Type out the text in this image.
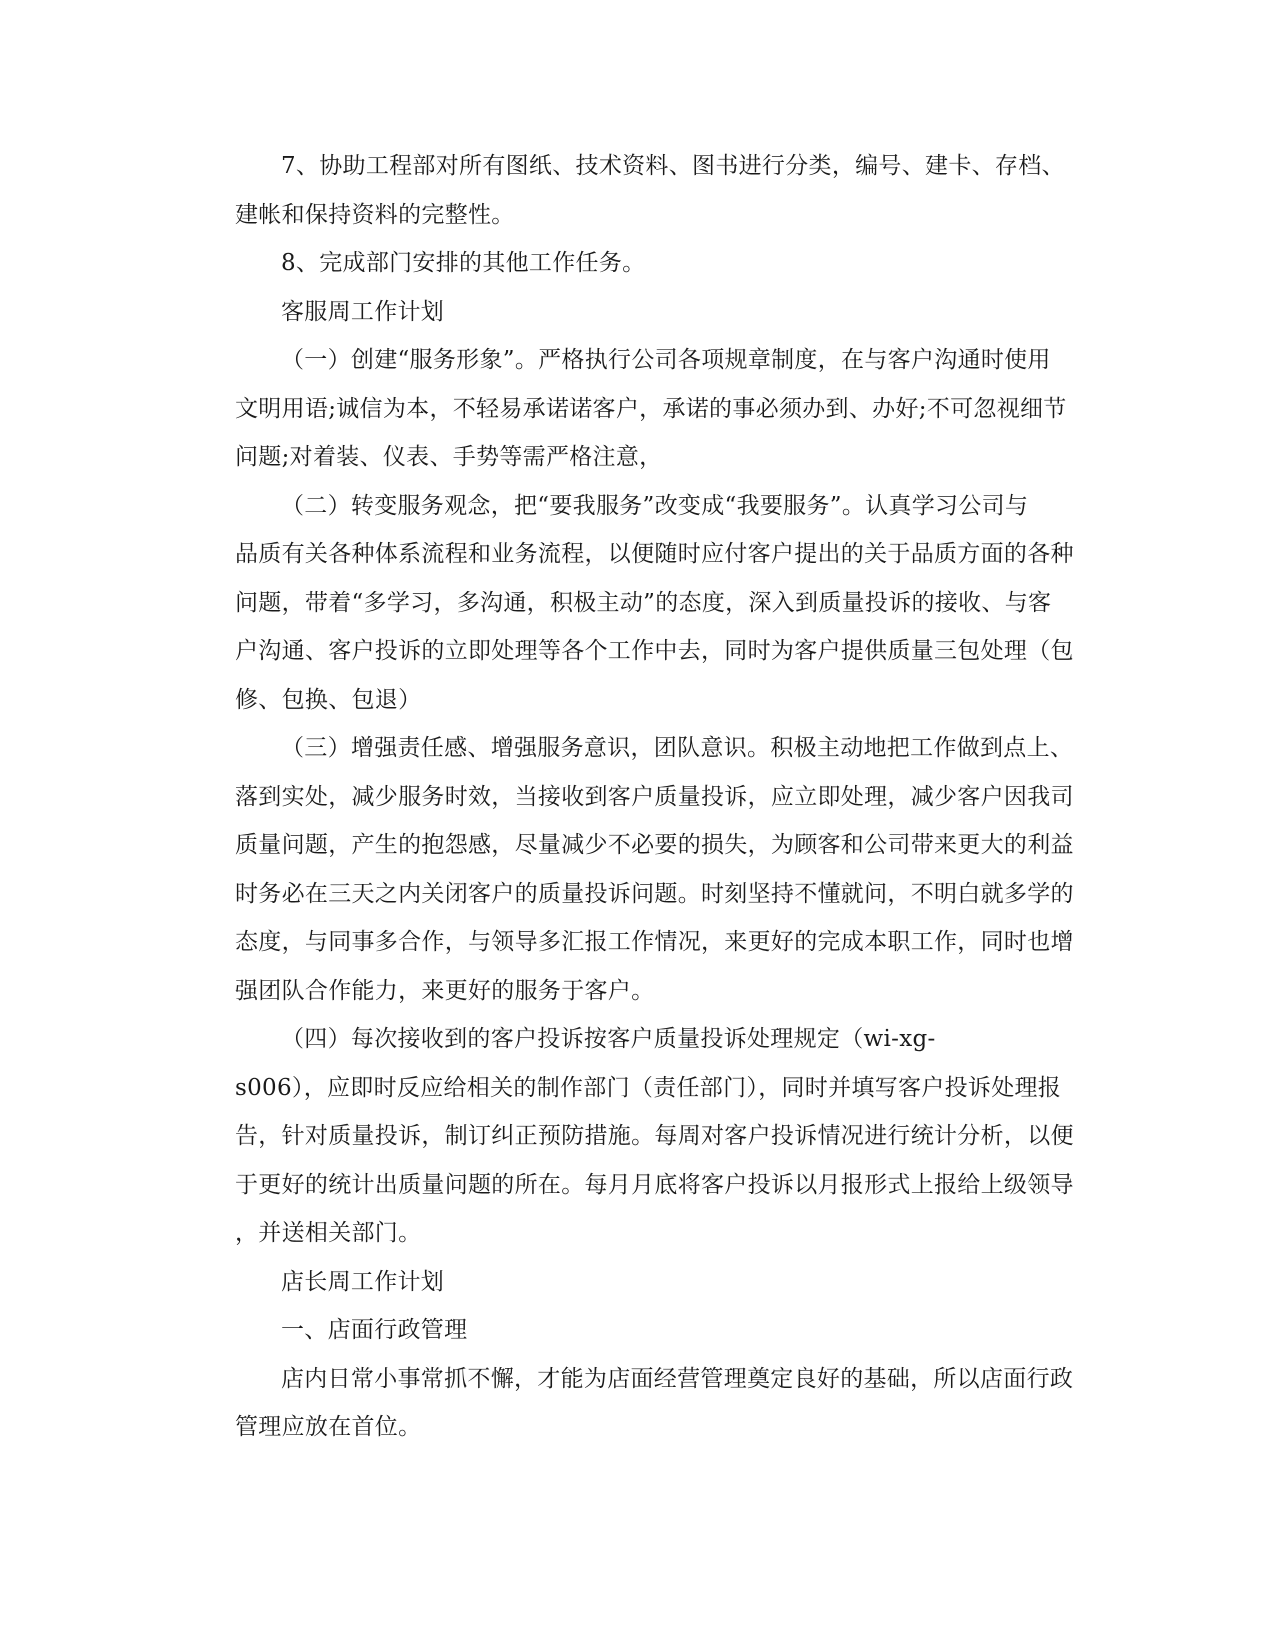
7、协助工程部对所有图纸、技术资料、图书进行分类，编号、建卡、存档、
建帐和保持资料的完整性。
8、完成部门安排的其他工作任务。
客服周工作计划
（一）创建“服务形象”。严格执行公司各项规章制度，在与客户沟通时使用
文明用语;诚信为本，不轻易承诺诺客户，承诺的事必须办到、办好;不可忽视细节
问题;对着装、仪表、手势等需严格注意，
（二）转变服务观念，把“要我服务”改变成“我要服务”。认真学习公司与
品质有关各种体系流程和业务流程，以便随时应付客户提出的关于品质方面的各种
问题，带着“多学习，多沟通，积极主动”的态度，深入到质量投诉的接收、与客
户沟通、客户投诉的立即处理等各个工作中去，同时为客户提供质量三包处理（包
修、包换、包退）
（三）增强责任感、增强服务意识，团队意识。积极主动地把工作做到点上、
落到实处，减少服务时效，当接收到客户质量投诉，应立即处理，减少客户因我司
质量问题，产生的抱怨感，尽量减少不必要的损失，为顾客和公司带来更大的利益
时务必在三天之内关闭客户的质量投诉问题。时刻坚持不懂就问，不明白就多学的
态度，与同事多合作，与领导多汇报工作情况，来更好的完成本职工作，同时也增
强团队合作能力，来更好的服务于客户。
（四）每次接收到的客户投诉按客户质量投诉处理规定（wi-xg-
s006），应即时反应给相关的制作部门（责任部门），同时并填写客户投诉处理报
告，针对质量投诉，制订纠正预防措施。每周对客户投诉情况进行统计分析，以便
于更好的统计出质量问题的所在。每月月底将客户投诉以月报形式上报给上级领导
，并送相关部门。
店长周工作计划
一、店面行政管理
店内日常小事常抓不懈，才能为店面经营管理奠定良好的基础，所以店面行政
管理应放在首位。
